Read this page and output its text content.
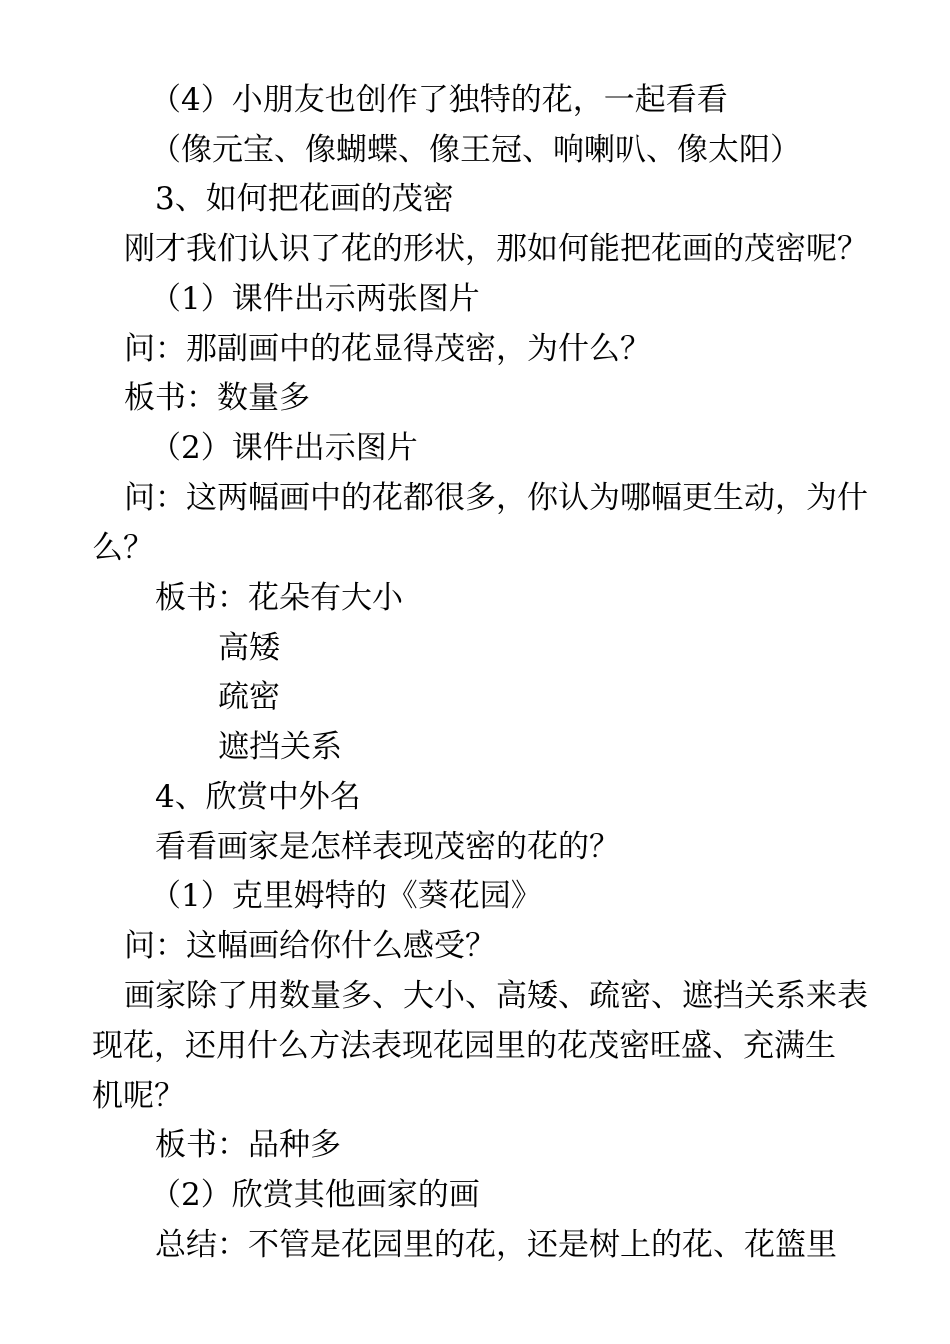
（4）小朋友也创作了独特的花，一起看看
（像元宝、像蝴蝶、像王冠、响喇叭、像太阳）
3、如何把花画的茂密
刚才我们认识了花的形状，那如何能把花画的茂密呢？
（1）课件出示两张图片
问：那副画中的花显得茂密，为什么？
板书：数量多
（2）课件出示图片
问：这两幅画中的花都很多，你认为哪幅更生动，为什
么？
板书：花朵有大小
高矮
疏密
遮挡关系
4、欣赏中外名
看看画家是怎样表现茂密的花的？
（1）克里姆特的《葵花园》
问：这幅画给你什么感受？
画家除了用数量多、大小、高矮、疏密、遮挡关系来表
现花，还用什么方法表现花园里的花茂密旺盛、充满生
机呢？
板书：品种多
（2）欣赏其他画家的画
总结：不管是花园里的花，还是树上的花、花篮里
